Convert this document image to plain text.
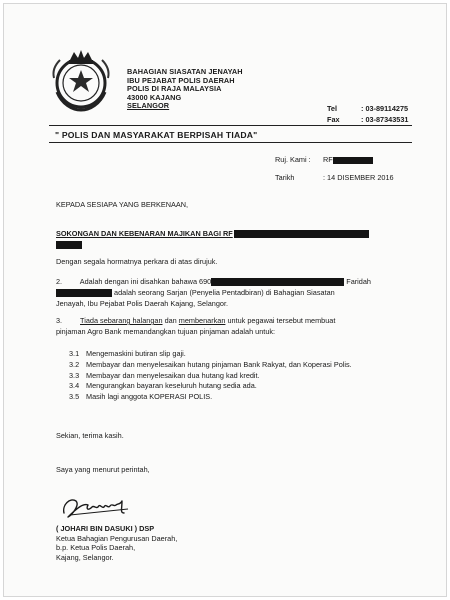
BAHAGIAN SIASATAN JENAYAH
IBU PEJABAT POLIS DAERAH
POLIS DI RAJA MALAYSIA
43000 KAJANG
SELANGOR	Tel	: 03-89114275
Fax	: 03-87343531
" POLIS DAN MASYARAKAT BERPISAH TIADA"
Ruj. Kami :	RF
Tarikh	: 14 DISEMBER 2016
KEPADA SESIAPA YANG BERKENAAN,
SOKONGAN DAN KEBENARAN MAJIKAN BAGI RF
Dengan segala hormatnya perkara di atas dirujuk.
2. Adalah dengan ini disahkan bahawa 690	Faridah
adalah seorang Sarjan (Penyelia Pentadbiran) di Bahagian Siasatan
Jenayah, Ibu Pejabat Polis Daerah Kajang, Selangor.
3. Tiada sebarang halangan dan membenarkan untuk pegawai tersebut membuat
pinjaman Agro Bank memandangkan tujuan pinjaman adalah untuk:
3.1 Mengemaskini butiran slip gaji.
3.2 Membayar dan menyelesaikan hutang pinjaman Bank Rakyat, dan Koperasi Polis.
3.3 Membayar dan menyelesaikan dua hutang kad kredit.
3.4 Mengurangkan bayaran keseluruh hutang sedia ada.
3.5 Masih lagi anggota KOPERASI POLIS.
Sekian, terima kasih.
Saya yang menurut perintah,
( JOHARI BIN DASUKI ) DSP
Ketua Bahagian Pengurusan Daerah,
b.p. Ketua Polis Daerah,
Kajang, Selangor.
